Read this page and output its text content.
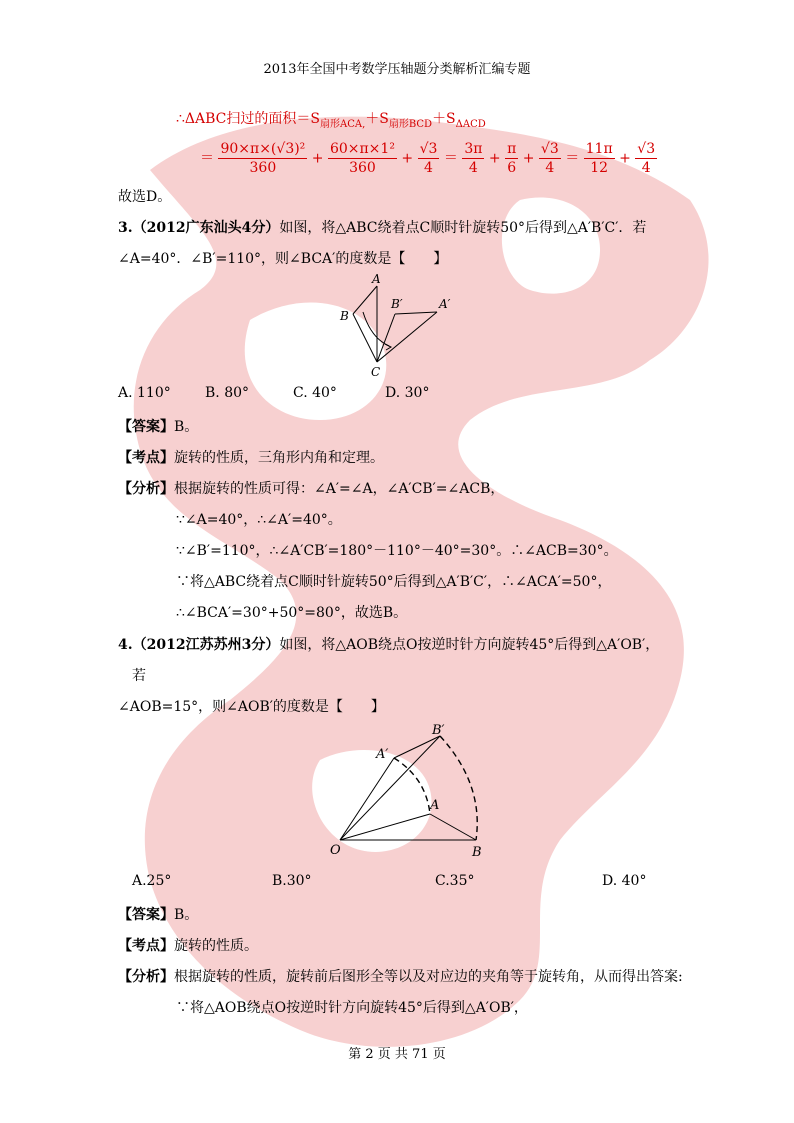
2013年全国中考数学压轴题分类解析汇编专题
∴ΔABC扫过的面积$=S_{扇形ACA,}+S_{扇形BCD}+S_{\Delta ACD}$
＝ $\frac{\text{90×π×(√3)²}}{360} + \frac{\text{60×π×1²}}{360} + \frac{√3}{4} = \frac{3\pi}{4} + \frac{\pi}{6} + \frac{√3}{4} = \frac{11\pi}{12} + \frac{√3}{4}$
故选D。
3.（2012广东汕头4分）如图，将△ABC绕着点C顺时针旋转50°后得到△A′B′C′．若
∠A=40°．∠B′=110°，则∠BCA′的度数是【　　】
A
B
C
B′	A′
A. 110° B. 80°	C. 40°	D. 30°
【答案】B。
【考点】旋转的性质，三角形内角和定理。
【分析】根据旋转的性质可得：∠A′=∠A，∠A′CB′=∠ACB，
∵∠A=40°，∴∠A′=40°。
∵∠B′=110°，∴∠A′CB′=180°－110°－40°=30°。∴∠ACB=30°。
∵将△ABC绕着点C顺时针旋转50°后得到△A′B′C′，∴∠ACA′=50°，
∴∠BCA′=30°+50°=80°，故选B。
4.（2012江苏苏州3分）如图，将△AOB绕点O按逆时针方向旋转45°后得到△A′OB′，
若
∠AOB=15°，则∠AOB′的度数是【　　】
A′
B′
A
O	B
A.25°	B.30°	C.35°	D. 40°
【答案】B。
【考点】旋转的性质。
【分析】根据旋转的性质，旋转前后图形全等以及对应边的夹角等于旋转角，从而得出答案:
∵将△AOB绕点O按逆时针方向旋转45°后得到△A′OB′，
第 2 页 共 71 页
